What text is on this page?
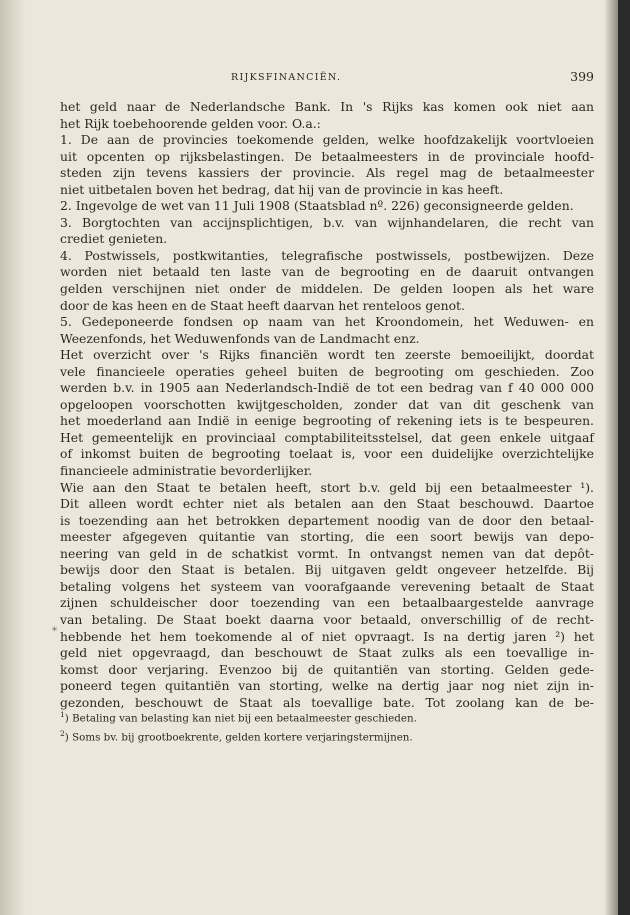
RIJKSFINANCIËN.	399
het geld naar de Nederlandsche Bank. In 's Rijks kas komen ook niet aan
het Rijk toebehoorende gelden voor. O.a.:
1. De aan de provincies toekomende gelden, welke hoofdzakelijk voortvloeien
uit opcenten op rijksbelastingen. De betaalmeesters in de provinciale hoofd-
steden zijn tevens kassiers der provincie. Als regel mag de betaalmeester
niet uitbetalen boven het bedrag, dat hij van de provincie in kas heeft.
2. Ingevolge de wet van 11 Juli 1908 (Staatsblad nº. 226) geconsigneerde gelden.
3. Borgtochten van accijnsplichtigen, b.v. van wijnhandelaren, die recht van
crediet genieten.
4. Postwissels, postkwitanties, telegrafische postwissels, postbewijzen. Deze
worden niet betaald ten laste van de begrooting en de daaruit ontvangen
gelden verschijnen niet onder de middelen. De gelden loopen als het ware
door de kas heen en de Staat heeft daarvan het renteloos genot.
5. Gedeponeerde fondsen op naam van het Kroondomein, het Weduwen- en
Weezenfonds, het Weduwenfonds van de Landmacht enz.
Het overzicht over 's Rijks financiën wordt ten zeerste bemoeilijkt, doordat
vele financieele operaties geheel buiten de begrooting om geschieden. Zoo
werden b.v. in 1905 aan Nederlandsch-Indië de tot een bedrag van f 40 000 000
opgeloopen voorschotten kwijtgescholden, zonder dat van dit geschenk van
het moederland aan Indië in eenige begrooting of rekening iets is te bespeuren.
Het gemeentelijk en provinciaal comptabiliteitsstelsel, dat geen enkele uitgaaf
of inkomst buiten de begrooting toelaat is, voor een duidelijke overzichtelijke
financieele administratie bevorderlijker.
Wie aan den Staat te betalen heeft, stort b.v. geld bij een betaalmeester ¹).
Dit alleen wordt echter niet als betalen aan den Staat beschouwd. Daartoe
is toezending aan het betrokken departement noodig van de door den betaal-
meester afgegeven quitantie van storting, die een soort bewijs van depo-
neering van geld in de schatkist vormt. In ontvangst nemen van dat depôt-
bewijs door den Staat is betalen. Bij uitgaven geldt ongeveer hetzelfde. Bij
betaling volgens het systeem van voorafgaande verevening betaalt de Staat
zijnen schuldeischer door toezending van een betaalbaargestelde aanvrage
van betaling. De Staat boekt daarna voor betaald, onverschillig of de recht-
hebbende het hem toekomende al of niet opvraagt. Is na dertig jaren ²) het
geld niet opgevraagd, dan beschouwt de Staat zulks als een toevallige in-
komst door verjaring. Evenzoo bij de quitantiën van storting. Gelden gede-
poneerd tegen quitantiën van storting, welke na dertig jaar nog niet zijn in-
gezonden, beschouwt de Staat als toevallige bate. Tot zoolang kan de be-
*
$^1$) Betaling van belasting kan niet bij een betaalmeester geschieden.
$^2$) Soms bv. bij grootboekrente, gelden kortere verjaringstermijnen.
